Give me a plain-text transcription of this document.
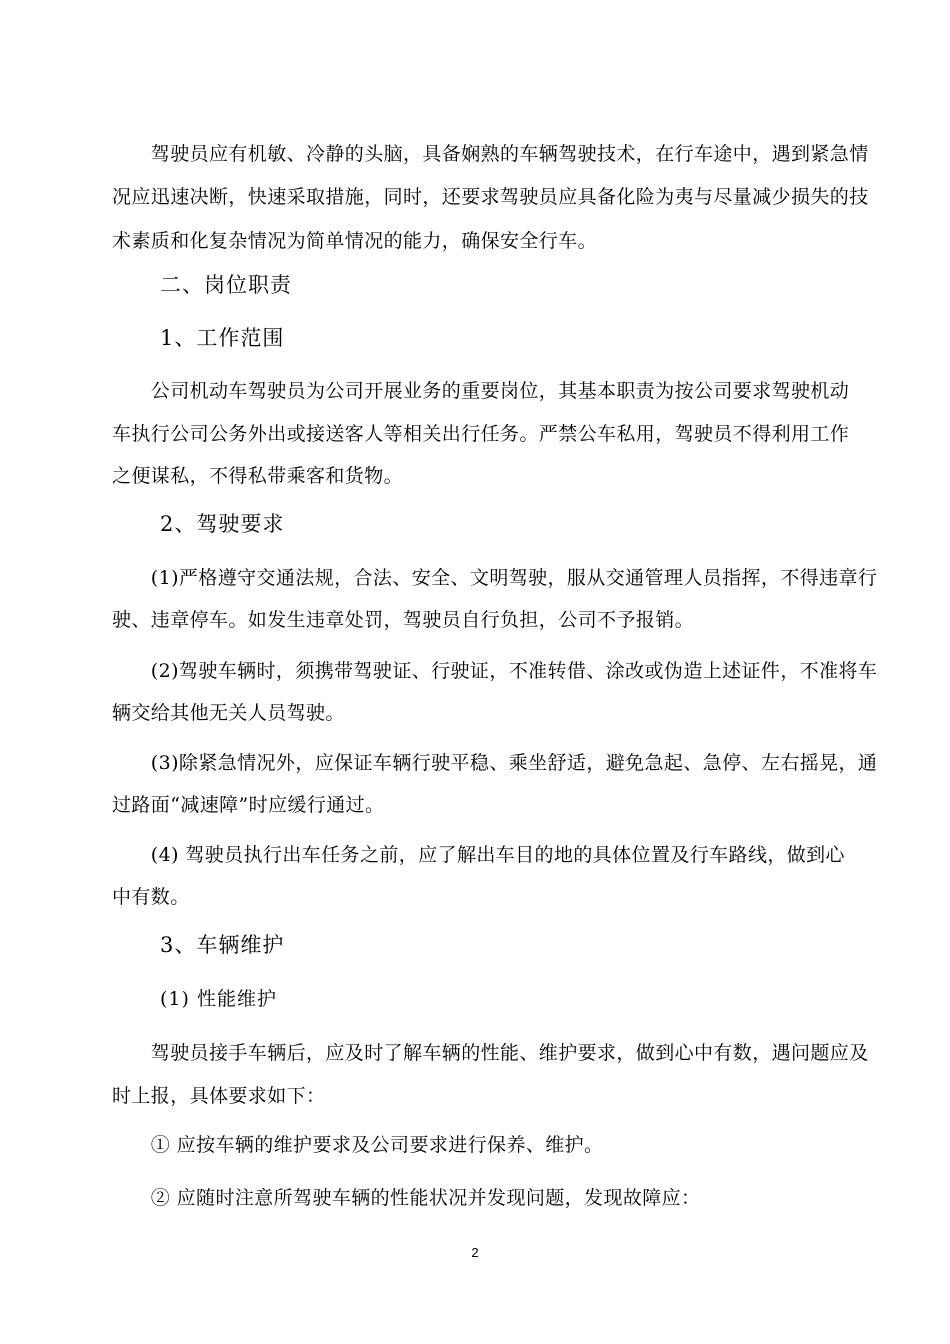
　　驾驶员应有机敏、冷静的头脑，具备娴熟的车辆驾驶技术，在行车途中，遇到紧急情
况应迅速决断，快速采取措施，同时，还要求驾驶员应具备化险为夷与尽量减少损失的技
术素质和化复杂情况为简单情况的能力，确保安全行车。
二、岗位职责
1、工作范围
　　公司机动车驾驶员为公司开展业务的重要岗位，其基本职责为按公司要求驾驶机动
车执行公司公务外出或接送客人等相关出行任务。严禁公车私用，驾驶员不得利用工作
之便谋私，不得私带乘客和货物。
2、驾驶要求
　　(1)严格遵守交通法规，合法、安全、文明驾驶，服从交通管理人员指挥，不得违章行
驶、违章停车。如发生违章处罚，驾驶员自行负担，公司不予报销。
　　(2)驾驶车辆时，须携带驾驶证、行驶证，不准转借、涂改或伪造上述证件，不准将车
辆交给其他无关人员驾驶。
　　(3)除紧急情况外，应保证车辆行驶平稳、乘坐舒适，避免急起、急停、左右摇晃，通
过路面“减速障”时应缓行通过。
　　(4) 驾驶员执行出车任务之前，应了解出车目的地的具体位置及行车路线，做到心
中有数。
3、车辆维护
(1) 性能维护
　　驾驶员接手车辆后，应及时了解车辆的性能、维护要求，做到心中有数，遇问题应及
时上报，具体要求如下：
　　① 应按车辆的维护要求及公司要求进行保养、维护。
　　② 应随时注意所驾驶车辆的性能状况并发现问题，发现故障应：
2
